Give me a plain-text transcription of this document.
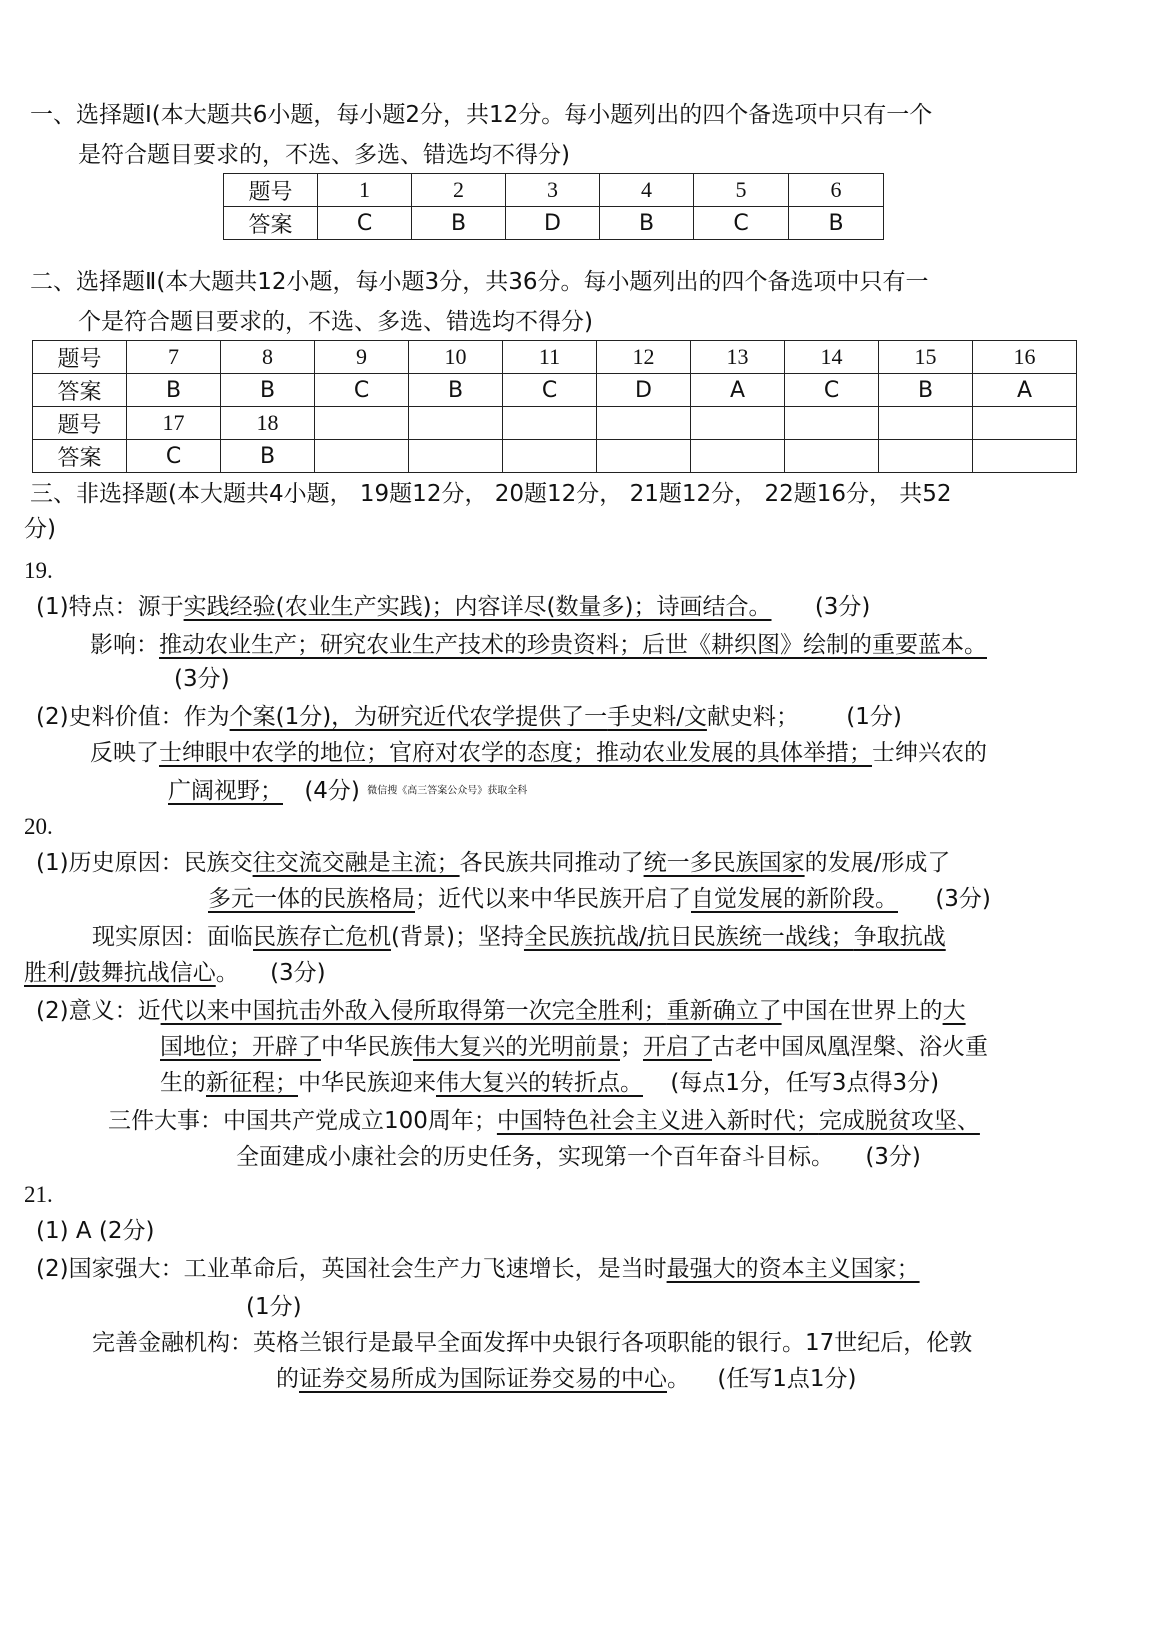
一、选择题Ⅰ(本大题共6小题，每小题2分，共12分。每小题列出的四个备选项中只有一个
是符合题目要求的，不选、多选、错选均不得分)
题号	1	2	3	4	5	6
答案	C	B	D	B	C	B
二、选择题Ⅱ(本大题共12小题，每小题3分，共36分。每小题列出的四个备选项中只有一
个是符合题目要求的，不选、多选、错选均不得分)
题号	7	8	9	10	11	12	13	14	15	16
答案	B	B	C	B	C	D	A	C	B	A
题号	17	18								
答案	C	B								
三、非选择题(本大题共4小题， 19题12分， 20题12分， 21题12分， 22题16分， 共52
分)
19.
(1)特点：源于实践经验(农业生产实践)；内容详尽(数量多)；诗画结合。 (3分)
影响：推动农业生产；研究农业生产技术的珍贵资料；后世《耕织图》绘制的重要蓝本。
(3分)
(2)史料价值：作为个案(1分)，为研究近代农学提供了一手史料/文献史料； (1分)
反映了士绅眼中农学的地位；官府对农学的态度；推动农业发展的具体举措；士绅兴农的
广阔视野； (4分) 微信搜《高三答案公众号》获取全科
20.
(1)历史原因：民族交往交流交融是主流；各民族共同推动了统一多民族国家的发展/形成了
多元一体的民族格局；近代以来中华民族开启了自觉发展的新阶段。 (3分)
现实原因：面临民族存亡危机(背景)；坚持全民族抗战/抗日民族统一战线；争取抗战
胜利/鼓舞抗战信心。 (3分)
(2)意义：近代以来中国抗击外敌入侵所取得第一次完全胜利；重新确立了中国在世界上的大
国地位；开辟了中华民族伟大复兴的光明前景；开启了古老中国凤凰涅槃、浴火重
生的新征程；中华民族迎来伟大复兴的转折点。 (每点1分，任写3点得3分)
三件大事：中国共产党成立100周年；中国特色社会主义进入新时代；完成脱贫攻坚、
全面建成小康社会的历史任务，实现第一个百年奋斗目标。 (3分)
21.
(1) A (2分)
(2)国家强大：工业革命后，英国社会生产力飞速增长，是当时最强大的资本主义国家；
(1分)
完善金融机构：英格兰银行是最早全面发挥中央银行各项职能的银行。17世纪后，伦敦
的证券交易所成为国际证券交易的中心。 (任写1点1分)
